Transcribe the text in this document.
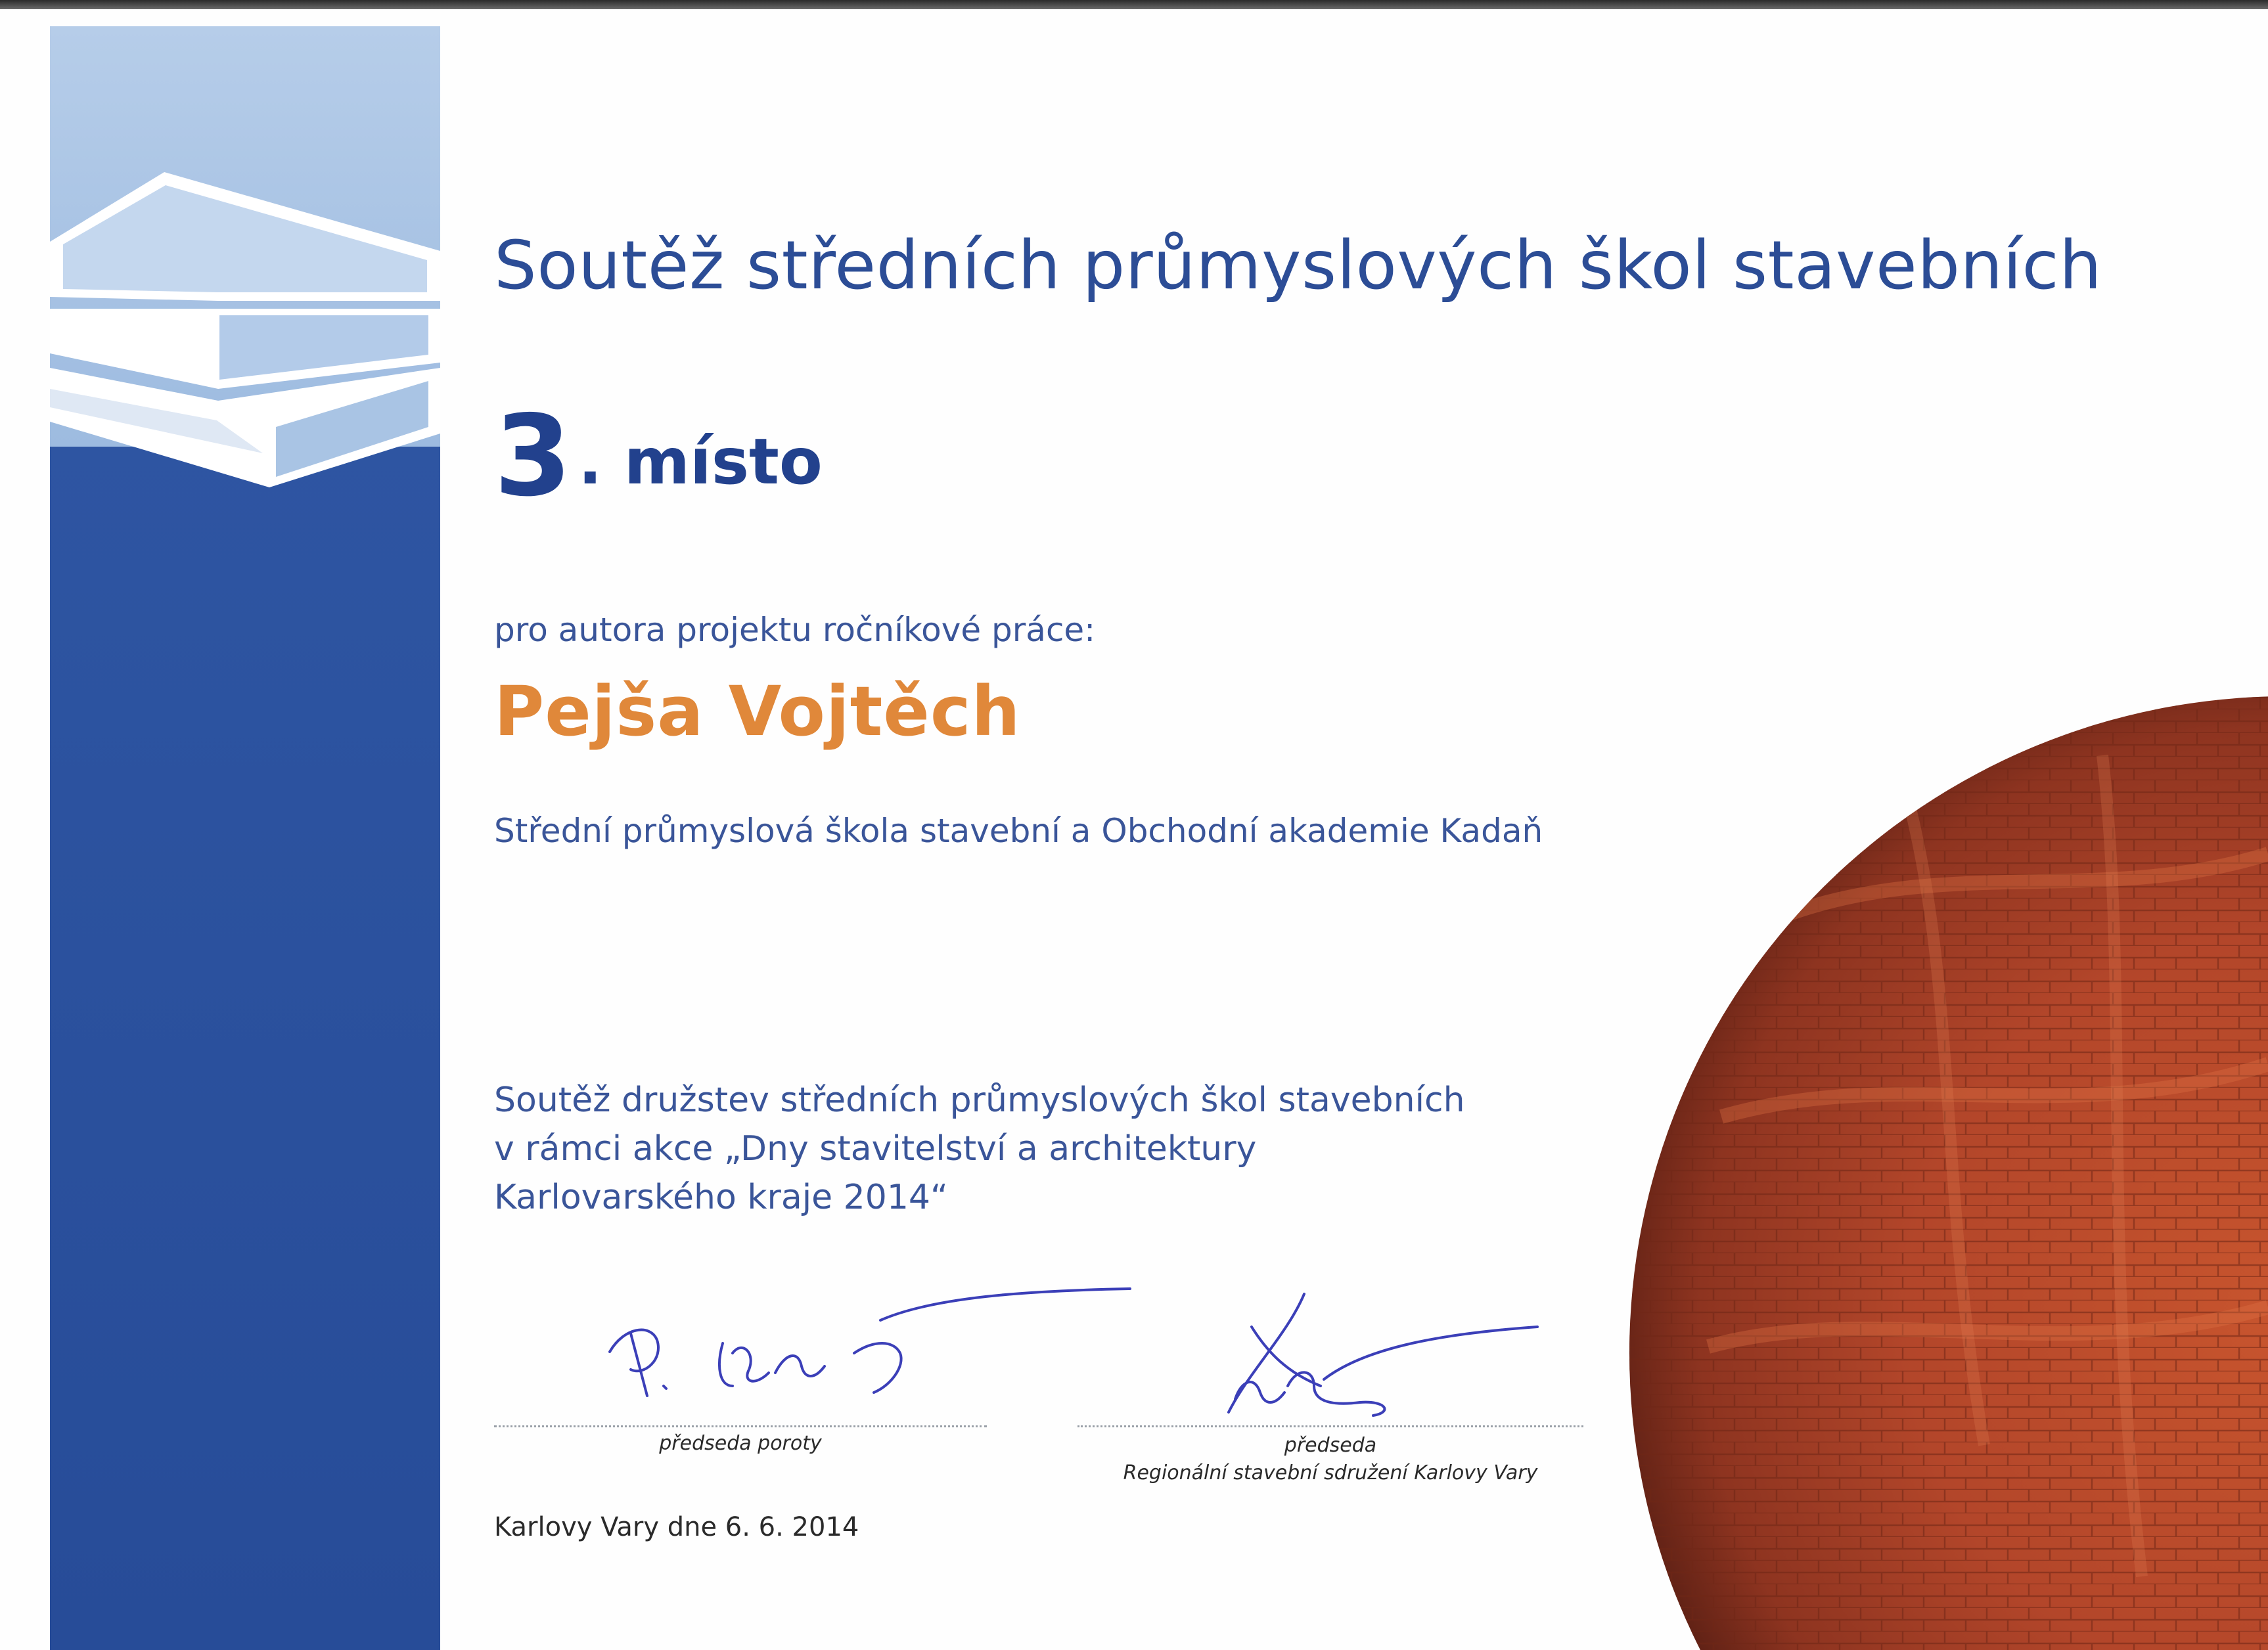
Soutěž středních průmyslových škol stavebních
3 . místo

pro autora projektu ročníkové práce:

Pejša Vojtěch

Střední průmyslová škola stavební a Obchodní akademie Kadaň

Soutěž družstev středních průmyslových škol stavebních
v rámci akce „Dny stavitelství a architektury
Karlovarského kraje 2014“
předseda poroty	předseda
Regionální stavební sdružení Karlovy Vary

Karlovy Vary dne 6. 6. 2014
